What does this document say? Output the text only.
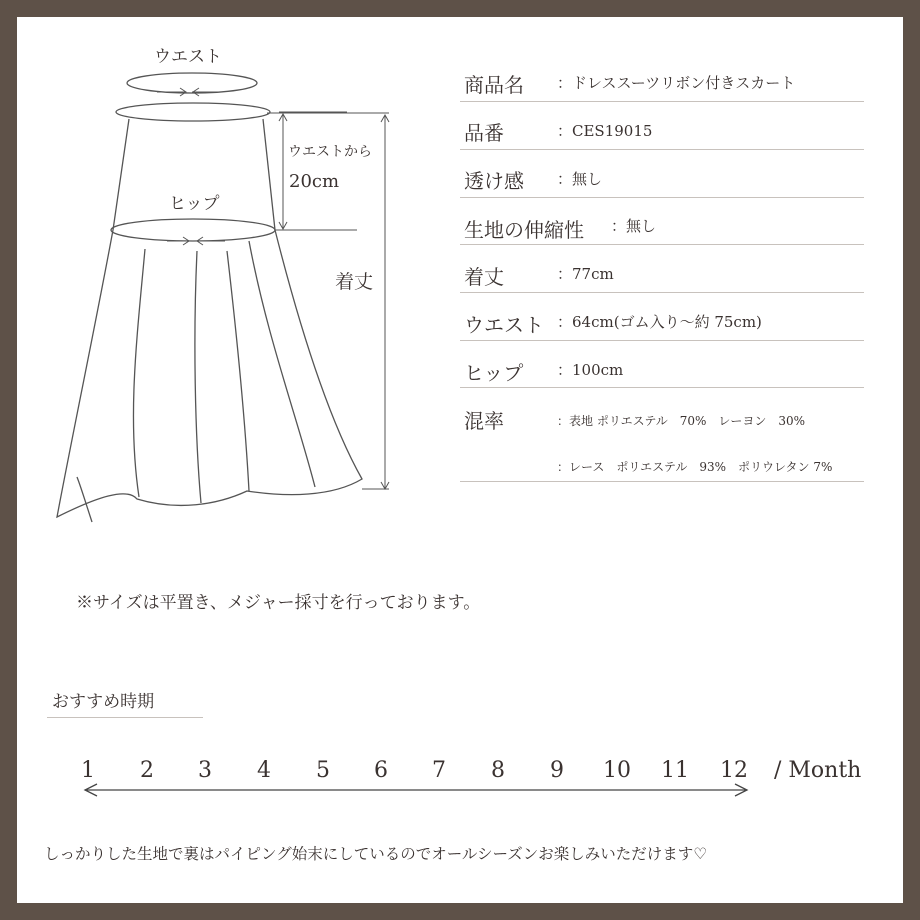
ウエスト
ウエストから
20cm
ヒップ
着丈
商品名 ：ドレススーツリボン付きスカート
品番	：CES19015
透け感 ：無し
生地の伸縮性 ：無し
着丈	：77cm
ウエスト ：64cm(ゴム入り〜約 75cm)
ヒップ ：100cm
混率	：表地 ポリエステル　70%　レーヨン　30%
：レース　ポリエステル　93%　ポリウレタン 7%
※サイズは平置き、メジャー採寸を行っております。
おすすめ時期
1 2 3 4 5 6 7 8 9 10 11 12 / Month
しっかりした生地で裏はパイピング始末にしているのでオールシーズンお楽しみいただけます♡
